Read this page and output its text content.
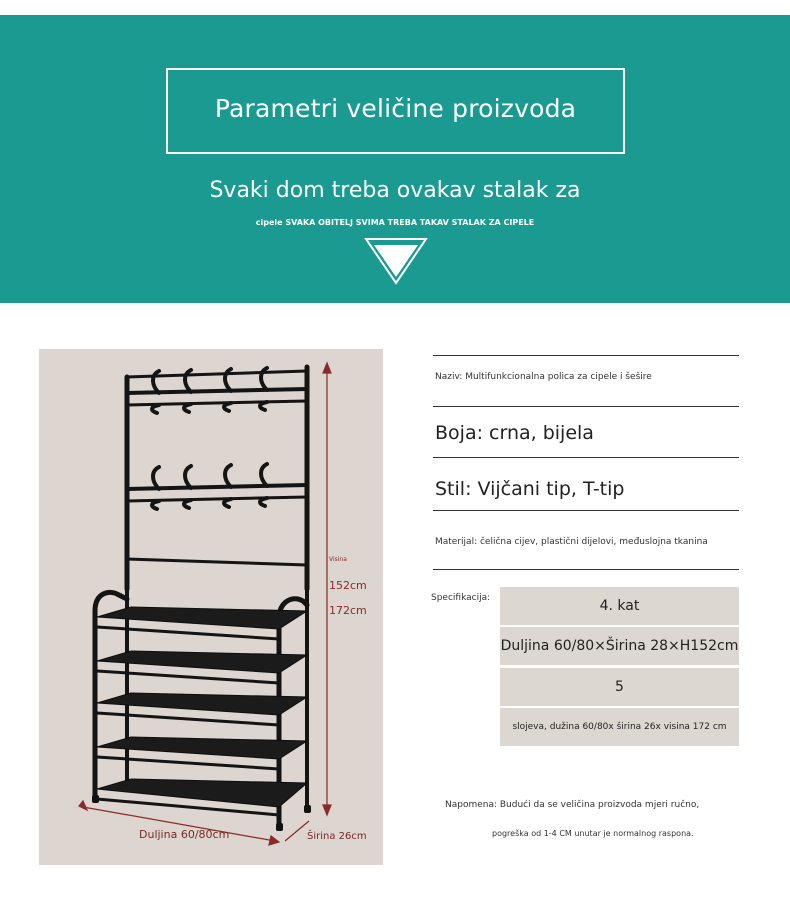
Parametri veličine proizvoda
Svaki dom treba ovakav stalak za
cipele SVAKA OBITELJ SVIMA TREBA TAKAV STALAK ZA CIPELE
Visina
152cm
172cm
Duljina 60/80cm	Širina 26cm
Naziv: Multifunkcionalna polica za cipele i šešire
Boja: crna, bijela
Stil: Vijčani tip, T-tip
Materijal: čelična cijev, plastični dijelovi, međuslojna tkanina
Specifikacija:	4. kat
Duljina 60/80×Širina 28×H152cm
5
slojeva, dužina 60/80x širina 26x visina 172 cm
Napomena: Budući da se veličina proizvoda mjeri ručno,
pogreška od 1-4 CM unutar je normalnog raspona.
